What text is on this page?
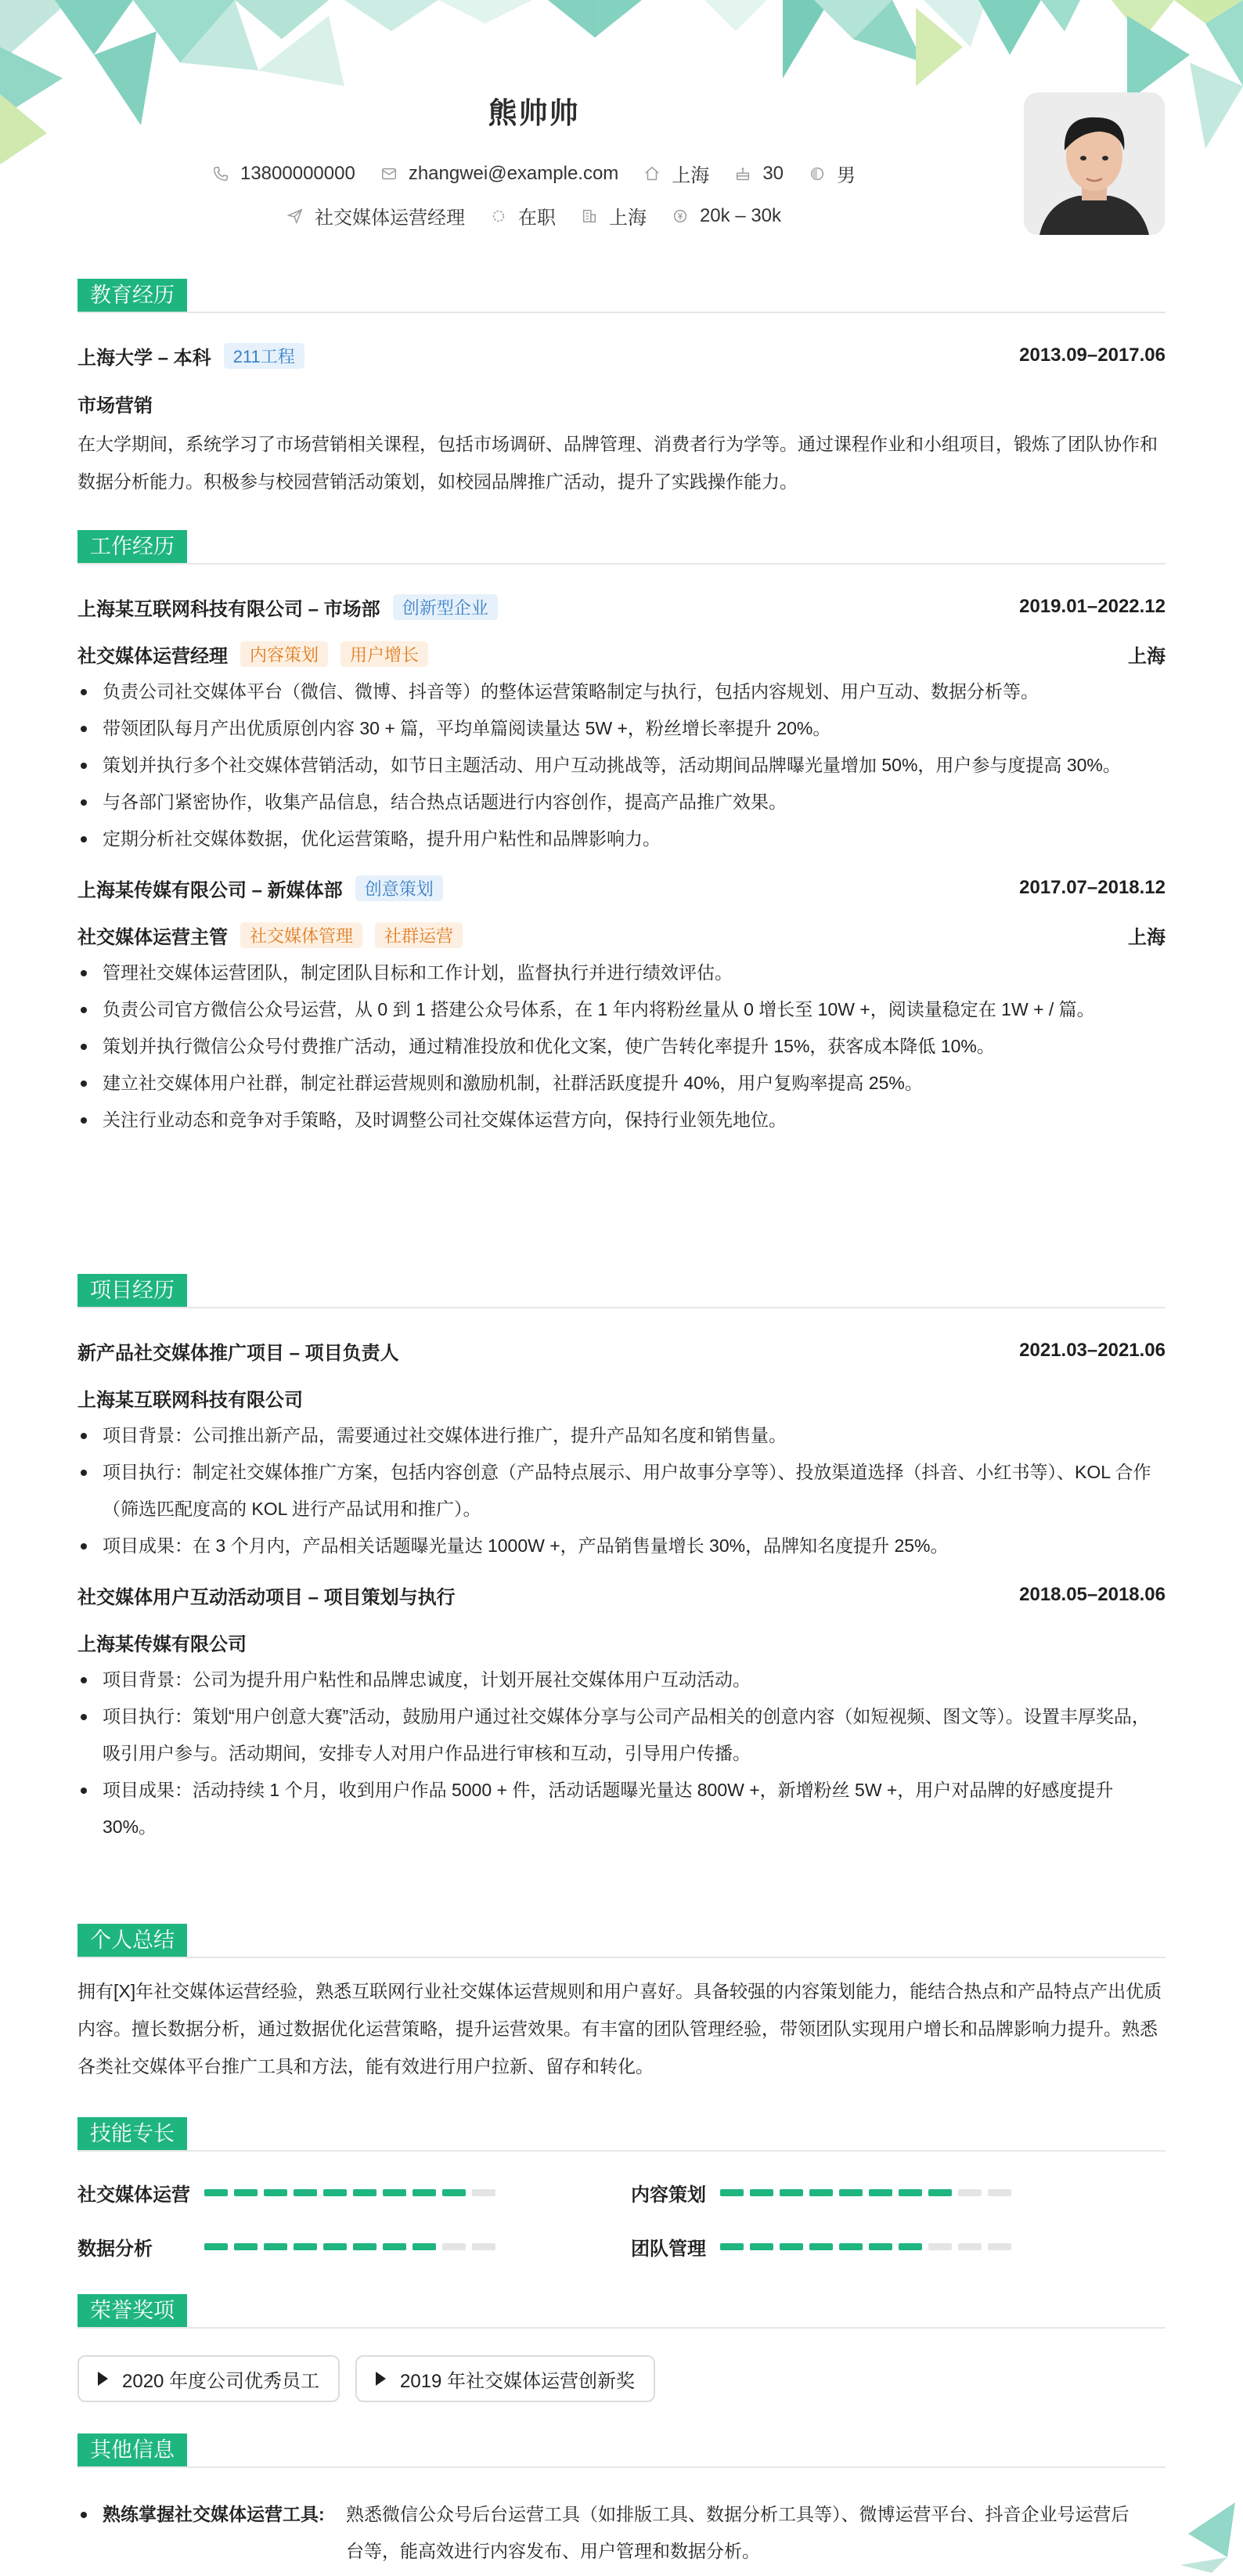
熊帅帅
13800000000	zhangwei@example.com	上海	30	男
社交媒体运营经理	在职	上海	20k – 30k
教育经历
上海大学 – 本科	211工程	2013.09–2017.06
市场营销
在大学期间，系统学习了市场营销相关课程，包括市场调研、品牌管理、消费者行为学等。通过课程作业和小组项目，锻炼了团队协作和数据分析能力。积极参与校园营销活动策划，如校园品牌推广活动，提升了实践操作能力。
工作经历
上海某互联网科技有限公司 – 市场部	创新型企业	2019.01–2022.12
社交媒体运营经理	内容策划	用户增长	上海
负责公司社交媒体平台（微信、微博、抖音等）的整体运营策略制定与执行，包括内容规划、用户互动、数据分析等。
带领团队每月产出优质原创内容 30 + 篇，平均单篇阅读量达 5W +，粉丝增长率提升 20%。
策划并执行多个社交媒体营销活动，如节日主题活动、用户互动挑战等，活动期间品牌曝光量增加 50%，用户参与度提高 30%。
与各部门紧密协作，收集产品信息，结合热点话题进行内容创作，提高产品推广效果。
定期分析社交媒体数据，优化运营策略，提升用户粘性和品牌影响力。
上海某传媒有限公司 – 新媒体部	创意策划	2017.07–2018.12
社交媒体运营主管	社交媒体管理	社群运营	上海
管理社交媒体运营团队，制定团队目标和工作计划，监督执行并进行绩效评估。
负责公司官方微信公众号运营，从 0 到 1 搭建公众号体系，在 1 年内将粉丝量从 0 增长至 10W +，阅读量稳定在 1W + / 篇。
策划并执行微信公众号付费推广活动，通过精准投放和优化文案，使广告转化率提升 15%，获客成本降低 10%。
建立社交媒体用户社群，制定社群运营规则和激励机制，社群活跃度提升 40%，用户复购率提高 25%。
关注行业动态和竞争对手策略，及时调整公司社交媒体运营方向，保持行业领先地位。
项目经历
新产品社交媒体推广项目 – 项目负责人	2021.03–2021.06
上海某互联网科技有限公司
项目背景：公司推出新产品，需要通过社交媒体进行推广，提升产品知名度和销售量。
项目执行：制定社交媒体推广方案，包括内容创意（产品特点展示、用户故事分享等）、投放渠道选择（抖音、小红书等）、KOL 合作（筛选匹配度高的 KOL 进行产品试用和推广）。
项目成果：在 3 个月内，产品相关话题曝光量达 1000W +，产品销售量增长 30%，品牌知名度提升 25%。
社交媒体用户互动活动项目 – 项目策划与执行	2018.05–2018.06
上海某传媒有限公司
项目背景：公司为提升用户粘性和品牌忠诚度，计划开展社交媒体用户互动活动。
项目执行：策划“用户创意大赛”活动，鼓励用户通过社交媒体分享与公司产品相关的创意内容（如短视频、图文等）。设置丰厚奖品，吸引用户参与。活动期间，安排专人对用户作品进行审核和互动，引导用户传播。
项目成果：活动持续 1 个月，收到用户作品 5000 + 件，活动话题曝光量达 800W +，新增粉丝 5W +，用户对品牌的好感度提升 30%。
个人总结
拥有[X]年社交媒体运营经验，熟悉互联网行业社交媒体运营规则和用户喜好。具备较强的内容策划能力，能结合热点和产品特点产出优质内容。擅长数据分析，通过数据优化运营策略，提升运营效果。有丰富的团队管理经验，带领团队实现用户增长和品牌影响力提升。熟悉各类社交媒体平台推广工具和方法，能有效进行用户拉新、留存和转化。
技能专长
社交媒体运营	内容策划
数据分析	团队管理
荣誉奖项
2020 年度公司优秀员工	2019 年社交媒体运营创新奖
其他信息
熟练掌握社交媒体运营工具: 熟悉微信公众号后台运营工具（如排版工具、数据分析工具等）、微博运营平台、抖音企业号运营后
台等，能高效进行内容发布、用户管理和数据分析。
